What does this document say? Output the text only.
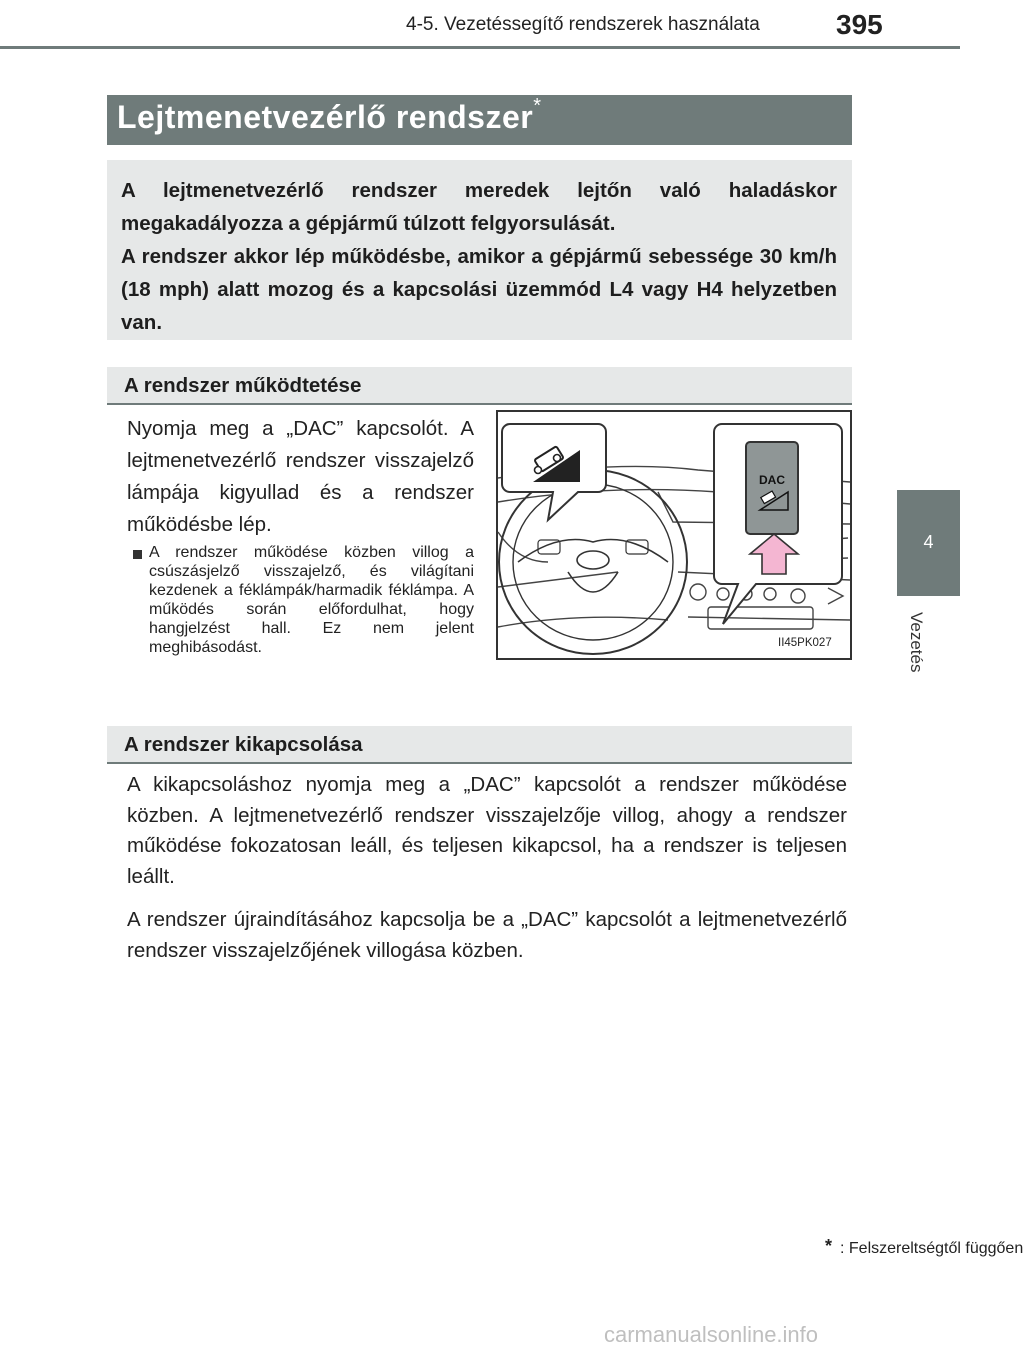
4-5. Vezetéssegítő rendszerek használata	395
4
Vezetés
Lejtmenetvezérlő rendszer*
A lejtmenetvezérlő rendszer meredek lejtőn való haladáskor megakadályozza a gépjármű túlzott felgyorsulását.
A rendszer akkor lép működésbe, amikor a gépjármű sebessége 30 km/h (18 mph) alatt mozog és a kapcsolási üzemmód L4 vagy H4 helyzetben van.
A rendszer működtetése
Nyomja meg a „DAC” kapcsolót. A lejtmenetvezérlő rendszer visszajelző lámpája kigyullad és a rendszer működésbe lép.
A rendszer működése közben villog a csúszásjelző visszajelző, és világítani kezdenek a féklámpák/harmadik féklámpa. A működés során előfordulhat, hogy hangjelzést hall. Ez nem jelent meghibásodást.
DAC
II45PK027
A rendszer kikapcsolása
A kikapcsoláshoz nyomja meg a „DAC” kapcsolót a rendszer működése közben. A lejtmenetvezérlő rendszer visszajelzője villog, ahogy a rendszer működése fokozatosan leáll, és teljesen kikapcsol, ha a rendszer is teljesen leállt.
A rendszer újraindításához kapcsolja be a „DAC” kapcsolót a lejtmenetvezérlő rendszer visszajelzőjének villogása közben.
* : Felszereltségtől függően
carmanualsonline.info
